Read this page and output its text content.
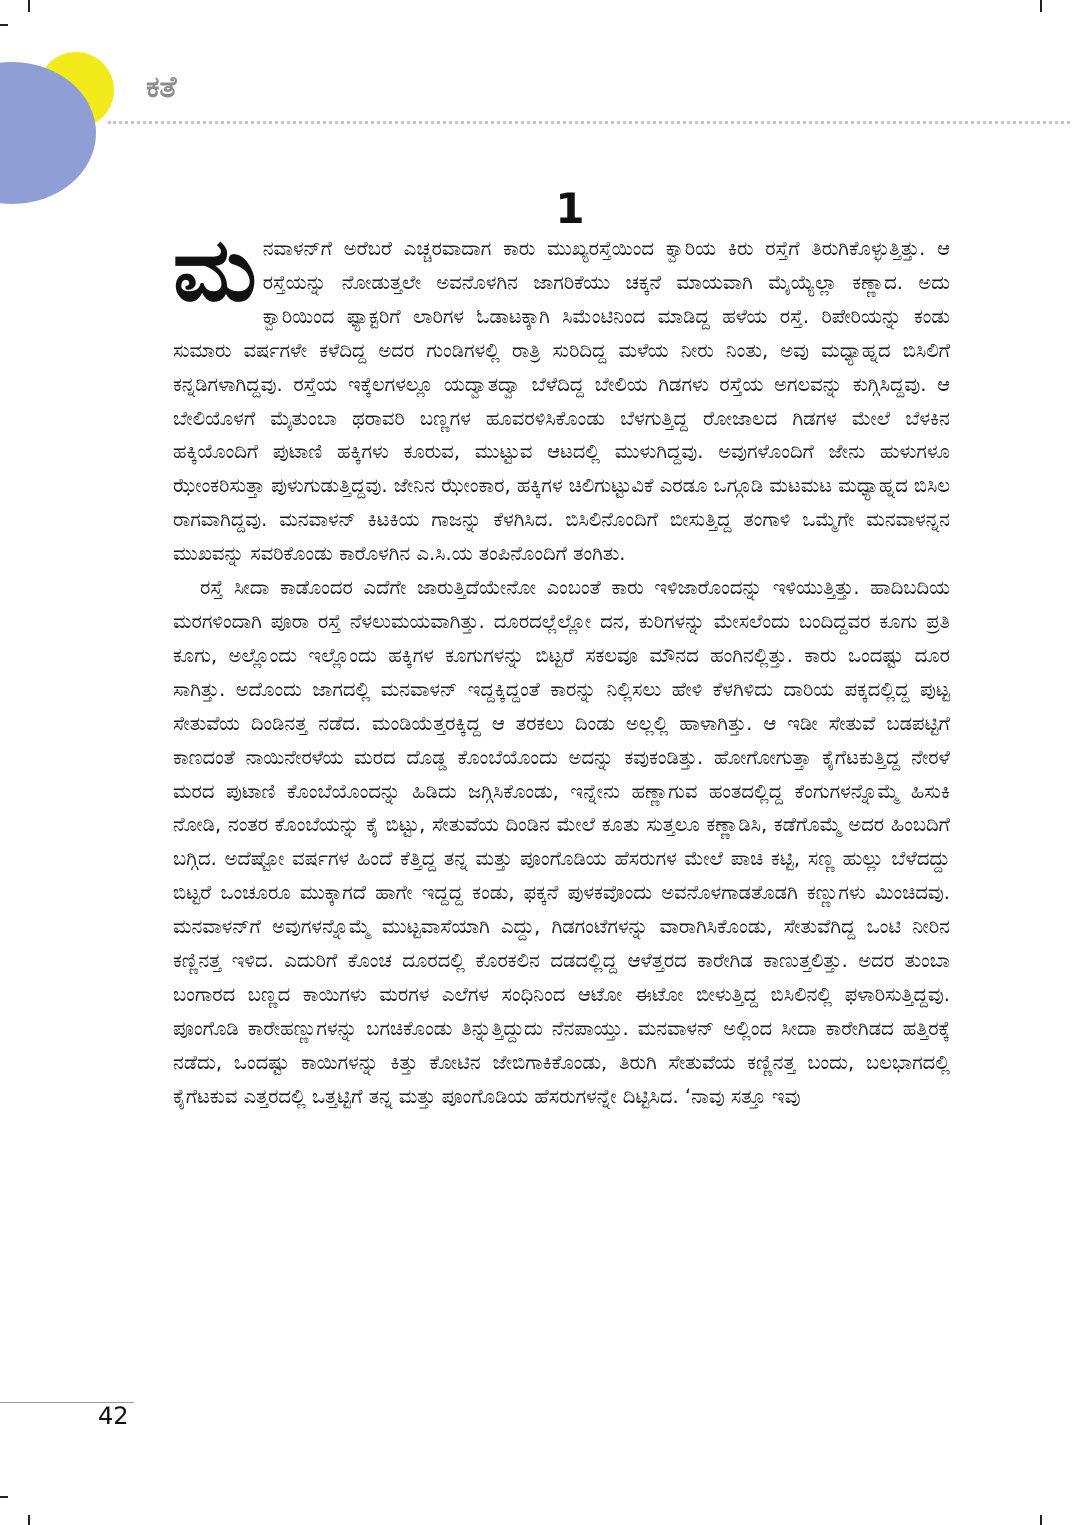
ಕತೆ
1

ಮನವಾಳನ್‌ಗೆ ಅರೆಬರೆ ಎಚ್ಚರವಾದಾಗ ಕಾರು ಮುಖ್ಯರಸ್ತೆಯಿಂದ ಕ್ವಾರಿಯ ಕಿರು ರಸ್ತೆಗೆ ತಿರುಗಿಕೊಳ್ಳುತ್ತಿತ್ತು. ಆ ರಸ್ತೆಯನ್ನು ನೋಡುತ್ತಲೇ ಅವನೊಳಗಿನ ಜಾಗರಿಕೆಯು ಚಕ್ಕನೆ ಮಾಯವಾಗಿ ಮೈಯ್ಯೆಲ್ಲಾ ಕಣ್ಣಾದ. ಅದು ಕ್ವಾರಿಯಿಂದ ಫ್ಯಾಕ್ಟರಿಗೆ ಲಾರಿಗಳ ಓಡಾಟಕ್ಕಾಗಿ ಸಿಮೆಂಟಿನಿಂದ ಮಾಡಿದ್ದ ಹಳೆಯ ರಸ್ತೆ. ರಿಪೇರಿಯನ್ನು ಕಂಡು ಸುಮಾರು ವರ್ಷಗಳೇ ಕಳೆದಿದ್ದ ಅದರ ಗುಂಡಿಗಳಲ್ಲಿ ರಾತ್ರಿ ಸುರಿದಿದ್ದ ಮಳೆಯ ನೀರು ನಿಂತು, ಅವು ಮಧ್ಯಾಹ್ನದ ಬಿಸಿಲಿಗೆ ಕನ್ನಡಿಗಳಾಗಿದ್ದವು. ರಸ್ತೆಯ ಇಕ್ಕೆಲಗಳಲ್ಲೂ ಯದ್ವಾತದ್ವಾ ಬೆಳೆದಿದ್ದ ಬೇಲಿಯ ಗಿಡಗಳು ರಸ್ತೆಯ ಅಗಲವನ್ನು ಕುಗ್ಗಿಸಿದ್ದವು. ಆ ಬೇಲಿಯೊಳಗೆ ಮೈತುಂಬಾ ಥರಾವರಿ ಬಣ್ಣಗಳ ಹೂವರಳಿಸಿಕೊಂಡು ಬೆಳಗುತ್ತಿದ್ದ ರೋಜಾಲದ ಗಿಡಗಳ ಮೇಲೆ ಬೆಳಕಿನ ಹಕ್ಕಿಯೊಂದಿಗೆ ಪುಟಾಣಿ ಹಕ್ಕಿಗಳು ಕೂರುವ, ಮುಟ್ಟುವ ಆಟದಲ್ಲಿ ಮುಳುಗಿದ್ದವು. ಅವುಗಳೊಂದಿಗೆ ಜೇನು ಹುಳುಗಳೂ ಝೇಂಕರಿಸುತ್ತಾ ಪುಳುಗುಡುತ್ತಿದ್ದವು. ಜೇನಿನ ಝೇಂಕಾರ, ಹಕ್ಕಿಗಳ ಚಿಲಿಗುಟ್ಟುವಿಕೆ ಎರಡೂ ಒಗ್ಗೂಡಿ ಮಟಮಟ ಮಧ್ಯಾಹ್ನದ ಬಿಸಿಲ ರಾಗವಾಗಿದ್ದವು. ಮನವಾಳನ್ ಕಿಟಕಿಯ ಗಾಜನ್ನು ಕೆಳಗಿಸಿದ. ಬಿಸಿಲಿನೊಂದಿಗೆ ಬೀಸುತ್ತಿದ್ದ ತಂಗಾಳಿ ಒಮ್ಮೆಗೇ ಮನವಾಳನ್ನನ ಮುಖವನ್ನು ಸವರಿಕೊಂಡು ಕಾರೊಳಗಿನ ಎ.ಸಿ.ಯ ತಂಪಿನೊಂದಿಗೆ ತಂಗಿತು.

ರಸ್ತೆ ಸೀದಾ ಕಾಡೊಂದರ ಎದೆಗೇ ಜಾರುತ್ತಿದೆಯೇನೋ ಎಂಬಂತೆ ಕಾರು ಇಳಿಜಾರೊಂದನ್ನು ಇಳಿಯುತ್ತಿತ್ತು. ಹಾದಿಬದಿಯ ಮರಗಳಿಂದಾಗಿ ಪೂರಾ ರಸ್ತೆ ನೆಳಲುಮಯವಾಗಿತ್ತು. ದೂರದಲ್ಲೆಲ್ಲೋ ದನ, ಕುರಿಗಳನ್ನು ಮೇಸಲೆಂದು ಬಂದಿದ್ದವರ ಕೂಗು ಪ್ರತಿ ಕೂಗು, ಅಲ್ಲೊಂದು ಇಲ್ಲೊಂದು ಹಕ್ಕಿಗಳ ಕೂಗುಗಳನ್ನು ಬಿಟ್ಟರೆ ಸಕಲವೂ ಮೌನದ ಹಂಗಿನಲ್ಲಿತ್ತು. ಕಾರು ಒಂದಷ್ಟು ದೂರ ಸಾಗಿತ್ತು. ಅದೊಂದು ಜಾಗದಲ್ಲಿ ಮನವಾಳನ್ ಇದ್ದಕ್ಕಿದ್ದಂತೆ ಕಾರನ್ನು ನಿಲ್ಲಿಸಲು ಹೇಳಿ ಕೆಳಗಿಳಿದು ದಾರಿಯ ಪಕ್ಕದಲ್ಲಿದ್ದ ಪುಟ್ಟ ಸೇತುವೆಯ ದಿಂಡಿನತ್ತ ನಡೆದ. ಮಂಡಿಯೆತ್ತರಕ್ಕಿದ್ದ ಆ ತರಕಲು ದಿಂಡು ಅಲ್ಲಲ್ಲಿ ಹಾಳಾಗಿತ್ತು. ಆ ಇಡೀ ಸೇತುವೆ ಬಡಪಟ್ಟಿಗೆ ಕಾಣದಂತೆ ನಾಯಿನೇರಳೆಯ ಮರದ ದೊಡ್ಡ ಕೊಂಬೆಯೊಂದು ಅದನ್ನು ಕವುಕಂಡಿತ್ತು. ಹೋಗೋಗುತ್ತಾ ಕೈಗೆಟಕುತ್ತಿದ್ದ ನೇರಳೆ ಮರದ ಪುಟಾಣಿ ಕೊಂಬೆಯೊಂದನ್ನು ಹಿಡಿದು ಜಗ್ಗಿಸಿಕೊಂಡು, ಇನ್ನೇನು ಹಣ್ಣಾಗುವ ಹಂತದಲ್ಲಿದ್ದ ಕೆಂಗುಗಳನ್ನೊಮ್ಮೆ ಹಿಸುಕಿ ನೋಡಿ, ನಂತರ ಕೊಂಬೆಯನ್ನು ಕೈ ಬಿಟ್ಟು, ಸೇತುವೆಯ ದಿಂಡಿನ ಮೇಲೆ ಕೂತು ಸುತ್ತಲೂ ಕಣ್ಣಾಡಿಸಿ, ಕಡೆಗೊಮ್ಮೆ ಅದರ ಹಿಂಬದಿಗೆ ಬಗ್ಗಿದ. ಅದೆಷ್ಟೋ ವರ್ಷಗಳ ಹಿಂದೆ ಕೆತ್ತಿದ್ದ ತನ್ನ ಮತ್ತು ಪೂಂಗೊಡಿಯ ಹೆಸರುಗಳ ಮೇಲೆ ಪಾಚಿ ಕಟ್ಟಿ, ಸಣ್ಣ ಹುಲ್ಲು ಬೆಳೆದದ್ದು ಬಿಟ್ಟರೆ ಒಂಚೂರೂ ಮುಕ್ಕಾಗದೆ ಹಾಗೇ ಇದ್ದದ್ದ ಕಂಡು, ಫಕ್ಕನೆ ಪುಳಕವೊಂದು ಅವನೊಳಗಾಡತೊಡಗಿ ಕಣ್ಣುಗಳು ಮಿಂಚಿದವು. ಮನವಾಳನ್‌ಗೆ ಅವುಗಳನ್ನೊಮ್ಮೆ ಮುಟ್ಟವಾಸೆಯಾಗಿ ಎದ್ದು, ಗಿಡಗಂಟೆಗಳನ್ನು ವಾರಾಗಿಸಿಕೊಂಡು, ಸೇತುವೆಗಿದ್ದ ಒಂಟಿ ನೀರಿನ ಕಣ್ಣಿನತ್ತ ಇಳಿದ. ಎದುರಿಗೆ ಕೊಂಚ ದೂರದಲ್ಲಿ ಕೊರಕಲಿನ ದಡದಲ್ಲಿದ್ದ ಆಳೆತ್ತರದ ಕಾರೇಗಿಡ ಕಾಣುತ್ತಲಿತ್ತು. ಅದರ ತುಂಬಾ ಬಂಗಾರದ ಬಣ್ಣದ ಕಾಯಿಗಳು ಮರಗಳ ಎಲೆಗಳ ಸಂಧಿನಿಂದ ಆಟೋ ಈಟೋ ಬೀಳುತ್ತಿದ್ದ ಬಿಸಿಲಿನಲ್ಲಿ ಫಳಾರಿಸುತ್ತಿದ್ದವು. ಪೂಂಗೊಡಿ ಕಾರೇಹಣ್ಣುಗಳನ್ನು ಬಗಚಿಕೊಂಡು ತಿನ್ನುತ್ತಿದ್ದುದು ನೆನಪಾಯ್ತು. ಮನವಾಳನ್ ಅಲ್ಲಿಂದ ಸೀದಾ ಕಾರೇಗಿಡದ ಹತ್ತಿರಕ್ಕೆ ನಡೆದು, ಒಂದಷ್ಟು ಕಾಯಿಗಳನ್ನು ಕಿತ್ತು ಕೋಟಿನ ಜೇಬಿಗಾಕಿಕೊಂಡು, ತಿರುಗಿ ಸೇತುವೆಯ ಕಣ್ಣಿನತ್ತ ಬಂದು, ಬಲಭಾಗದಲ್ಲಿ ಕೈಗೆಟಕುವ ಎತ್ತರದಲ್ಲಿ ಒತ್ತಟ್ಟಿಗೆ ತನ್ನ ಮತ್ತು ಪೂಂಗೊಡಿಯ ಹೆಸರುಗಳನ್ನೇ ದಿಟ್ಟಿಸಿದ. ‘ನಾವು ಸತ್ತೂ ಇವು

42
